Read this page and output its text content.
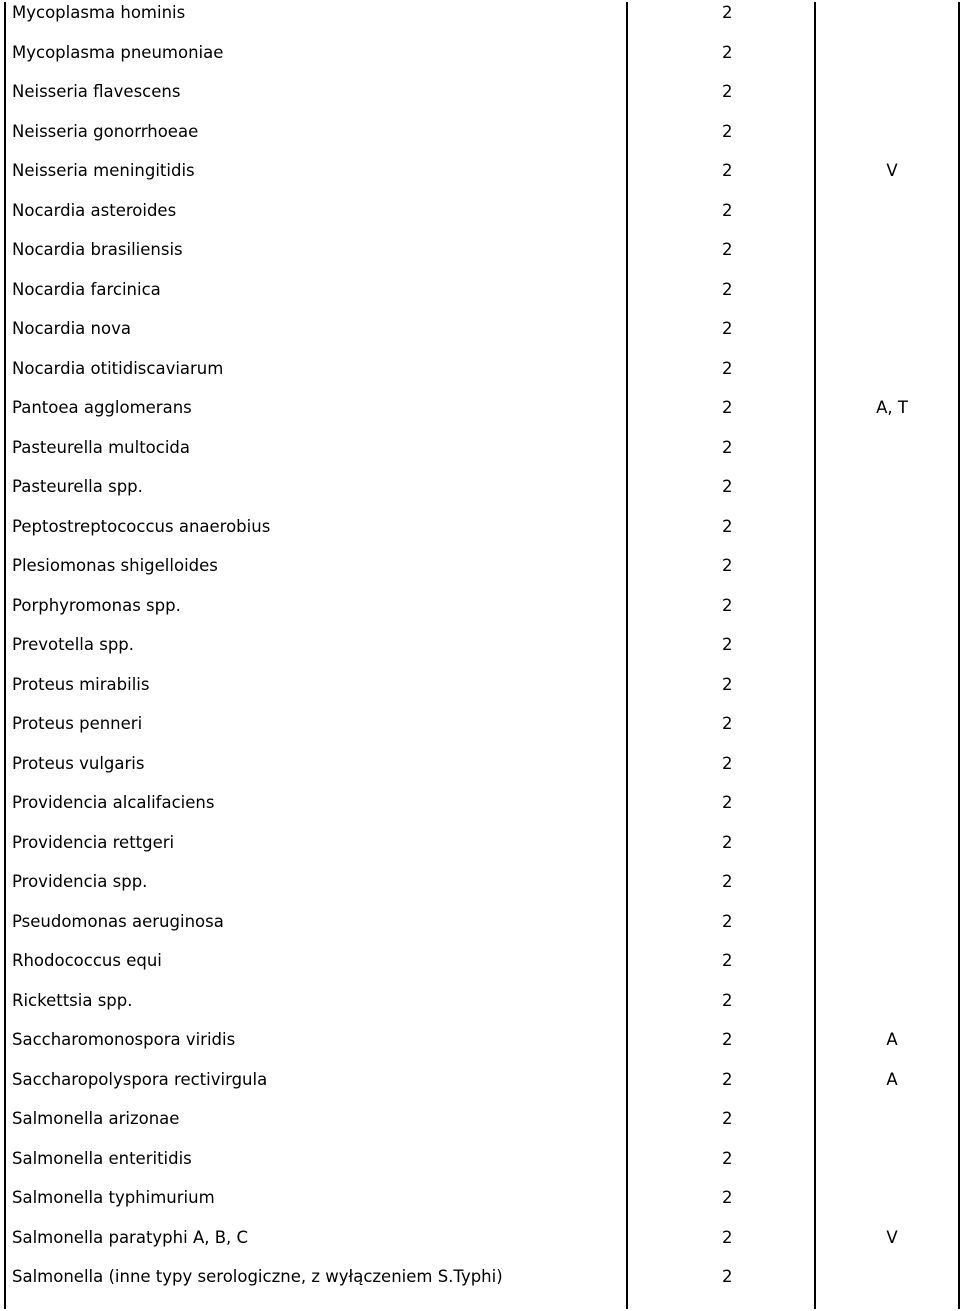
Mycoplasma hominis	2
Mycoplasma pneumoniae	2
Neisseria flavescens	2
Neisseria gonorrhoeae	2
Neisseria meningitidis	2	V
Nocardia asteroides	2
Nocardia brasiliensis	2
Nocardia farcinica	2
Nocardia nova	2
Nocardia otitidiscaviarum	2
Pantoea agglomerans	2	A, T
Pasteurella multocida	2
Pasteurella spp.	2
Peptostreptococcus anaerobius	2
Plesiomonas shigelloides	2
Porphyromonas spp.	2
Prevotella spp.	2
Proteus mirabilis	2
Proteus penneri	2
Proteus vulgaris	2
Providencia alcalifaciens	2
Providencia rettgeri	2
Providencia spp.	2
Pseudomonas aeruginosa	2
Rhodococcus equi	2
Rickettsia spp.	2
Saccharomonospora viridis	2	A
Saccharopolyspora rectivirgula	2	A
Salmonella arizonae	2
Salmonella enteritidis	2
Salmonella typhimurium	2
Salmonella paratyphi A, B, C	2	V
Salmonella (inne typy serologiczne, z wyłączeniem S.Typhi)	2
